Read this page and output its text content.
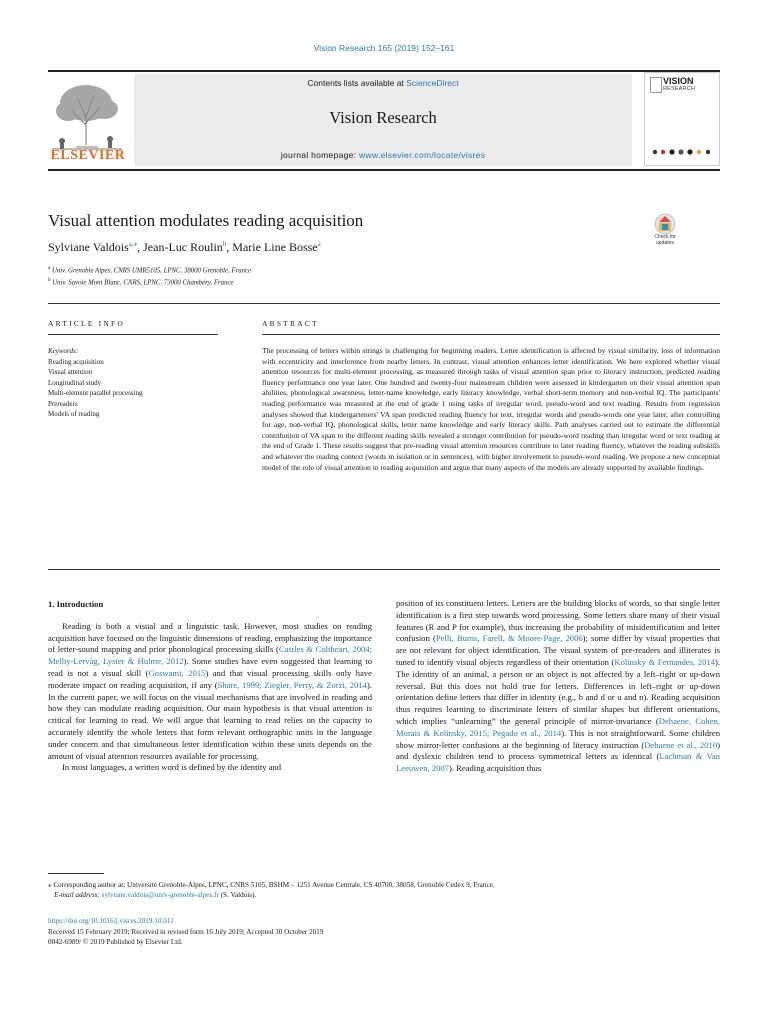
Vision Research 165 (2019) 152–161
ELSEVIER
Contents lists available at ScienceDirect
Vision Research
journal homepage: www.elsevier.com/locate/visres
VISION
RESEARCH
Visual attention modulates reading acquisition
Check for updates
Sylviane Valdois$^{a,⁎}$, Jean-Luc Roulin$^b$, Marie Line Bosse$^a$
$^a$ Univ. Grenoble Alpes, CNRS UMR5105, LPNC, 38000 Grenoble, France
$^b$ Univ. Savoie Mont Blanc, CNRS, LPNC, 73000 Chambéry, France
ARTICLE INFO	ABSTRACT
Keywords:
Reading acquisition
Visual attention
Longitudinal study
Multi-element parallel processing
Prereaders
Models of reading
The processing of letters within strings is challenging for beginning readers. Letter identification is affected by visual similarity, loss of information with eccentricity and interference from nearby letters. In contrast, visual attention enhances letter identification. We here explored whether visual attention resources for multi-element processing, as measured through tasks of visual attention span prior to literacy instruction, predicted reading fluency performance one year later. One hundred and twenty-four mainstream children were assessed in kindergarten on their visual attention span abilities, phonological awareness, letter-name knowledge, early literacy knowledge, verbal short-term memory and non-verbal IQ. The participants' reading performance was measured at the end of grade 1 using tasks of irregular word, pseudo-word and text reading. Results from regression analyses showed that kindergarteners' VA span predicted reading fluency for text, irregular words and pseudo-words one year later, after controlling for age, non-verbal IQ, phonological skills, letter name knowledge and early literacy skills. Path analyses carried out to estimate the differential contribution of VA span to the different reading skills revealed a stronger contribution for pseudo-word reading than irregular word or text reading at the end of Grade 1. These results suggest that pre-reading visual attention resources contribute to later reading fluency, whatever the reading subskills and whatever the reading context (words in isolation or in sentences), with higher involvement to pseudo-word reading. We propose a new conceptual model of the role of visual attention in reading acquisition and argue that many aspects of the models are already supported by available findings.
1. Introduction

Reading is both a visual and a linguistic task. However, most studies on reading acquisition have focused on the linguistic dimensions of reading, emphasizing the importance of letter-sound mapping and prior phonological processing skills (Castles & Coltheart, 2004; Melby-Lervåg, Lyster & Hulme, 2012). Some studies have even suggested that learning to read is not a visual skill (Goswami, 2015) and that visual processing skills only have moderate impact on reading acquisition, if any (Share, 1999; Ziegler, Perry, & Zorzi, 2014). In the current paper, we will focus on the visual mechanisms that are involved in reading and how they can modulate reading acquisition. Our main hypothesis is that visual attention is critical for learning to read. We will argue that learning to read relies on the capacity to accurately identify the whole letters that form relevant orthographic units in the language under concern and that simultaneous letter identification within these units depends on the amount of visual attention resources available for processing.

In most languages, a written word is defined by the identity and

position of its constituent letters. Letters are the building blocks of words, so that single letter identification is a first step towards word processing. Some letters share many of their visual features (R and P for example), thus increasing the probability of misidentification and letter confusion (Pelli, Burns, Farell, & Moore-Page, 2006); some differ by visual properties that are not relevant for object identification. The visual system of pre-readers and illiterates is tuned to identify visual objects regardless of their orientation (Kolinsky & Fernandes, 2014). The identity of an animal, a person or an object is not affected by a left–right or up-down reversal. But this does not hold true for letters. Differences in left–right or up-down orientation define letters that differ in identity (e.g., b and d or u and n). Reading acquisition thus requires learning to discriminate letters of similar shapes but different orientations, which implies “unlearning” the general principle of mirror-invariance (Dehaene, Cohen, Morais & Kolinsky, 2015; Pegado et al., 2014). This is not straightforward. Some children show mirror-letter confusions at the beginning of literacy instruction (Dehaene et al., 2010) and dyslexic children tend to process symmetrical letters as identical (Lachman & Van Leeuwen, 2007). Reading acquisition thus

⁎ Corresponding author at: Université Grenoble-Alpes, LPNC, CNRS 5105, BSHM – 1251 Avenue Centrale, CS 40700, 38058, Grenoble Cedex 9, France.
E-mail address: sylviane.valdois@univ-grenoble-alpes.fr (S. Valdois).
https://doi.org/10.1016/j.visres.2019.10.011
Received 15 February 2019; Received in revised form 16 July 2019; Accepted 30 October 2019
0042-6989/ © 2019 Published by Elsevier Ltd.
